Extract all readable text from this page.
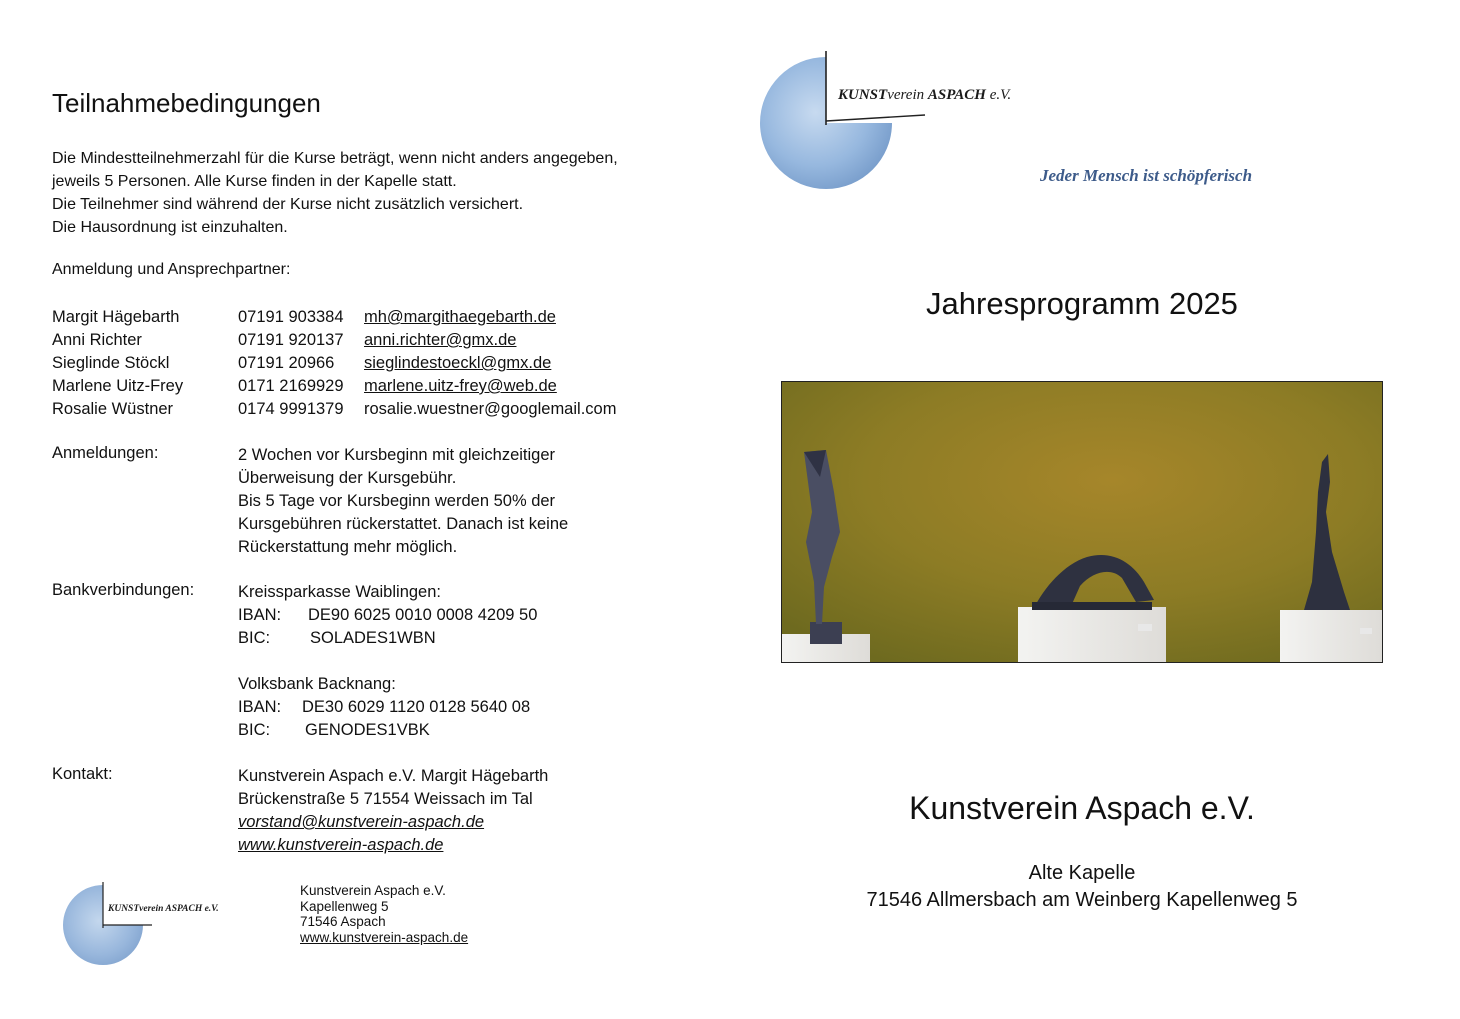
Teilnahmebedingungen
Die Mindestteilnehmerzahl für die Kurse beträgt, wenn nicht anders angegeben,
jeweils 5 Personen. Alle Kurse finden in der Kapelle statt.
Die Teilnehmer sind während der Kurse nicht zusätzlich versichert.
Die Hausordnung ist einzuhalten.
Anmeldung und Ansprechpartner:
Margit Hägebarth	07191 903384	mh@margithaegebarth.de
Anni Richter	07191 920137	anni.richter@gmx.de
Sieglinde Stöckl	07191 20966	sieglindestoeckl@gmx.de
Marlene Uitz-Frey	0171 2169929	marlene.uitz-frey@web.de
Rosalie Wüstner	0174 9991379	rosalie.wuestner@googlemail.com
Anmeldungen:	2 Wochen vor Kursbeginn mit gleichzeitiger
Überweisung der Kursgebühr.
Bis 5 Tage vor Kursbeginn werden 50% der
Kursgebühren rückerstattet. Danach ist keine
Rückerstattung mehr möglich.
Bankverbindungen:	Kreissparkasse Waiblingen:
IBAN: DE90 6025 0010 0008 4209 50
BIC: SOLADES1WBN
Volksbank Backnang:
IBAN: DE30 6029 1120 0128 5640 08
BIC: GENODES1VBK
Kontakt:	Kunstverein Aspach e.V. Margit Hägebarth
Brückenstraße 5 71554 Weissach im Tal
vorstand@kunstverein-aspach.de
www.kunstverein-aspach.de
KUNSTverein ASPACH e.V.
Kunstverein Aspach e.V.
Kapellenweg 5
71546 Aspach
www.kunstverein-aspach.de
KUNSTverein ASPACH e.V.
Jeder Mensch ist schöpferisch
Jahresprogramm 2025
Kunstverein Aspach e.V.
Alte Kapelle
71546 Allmersbach am Weinberg Kapellenweg 5
